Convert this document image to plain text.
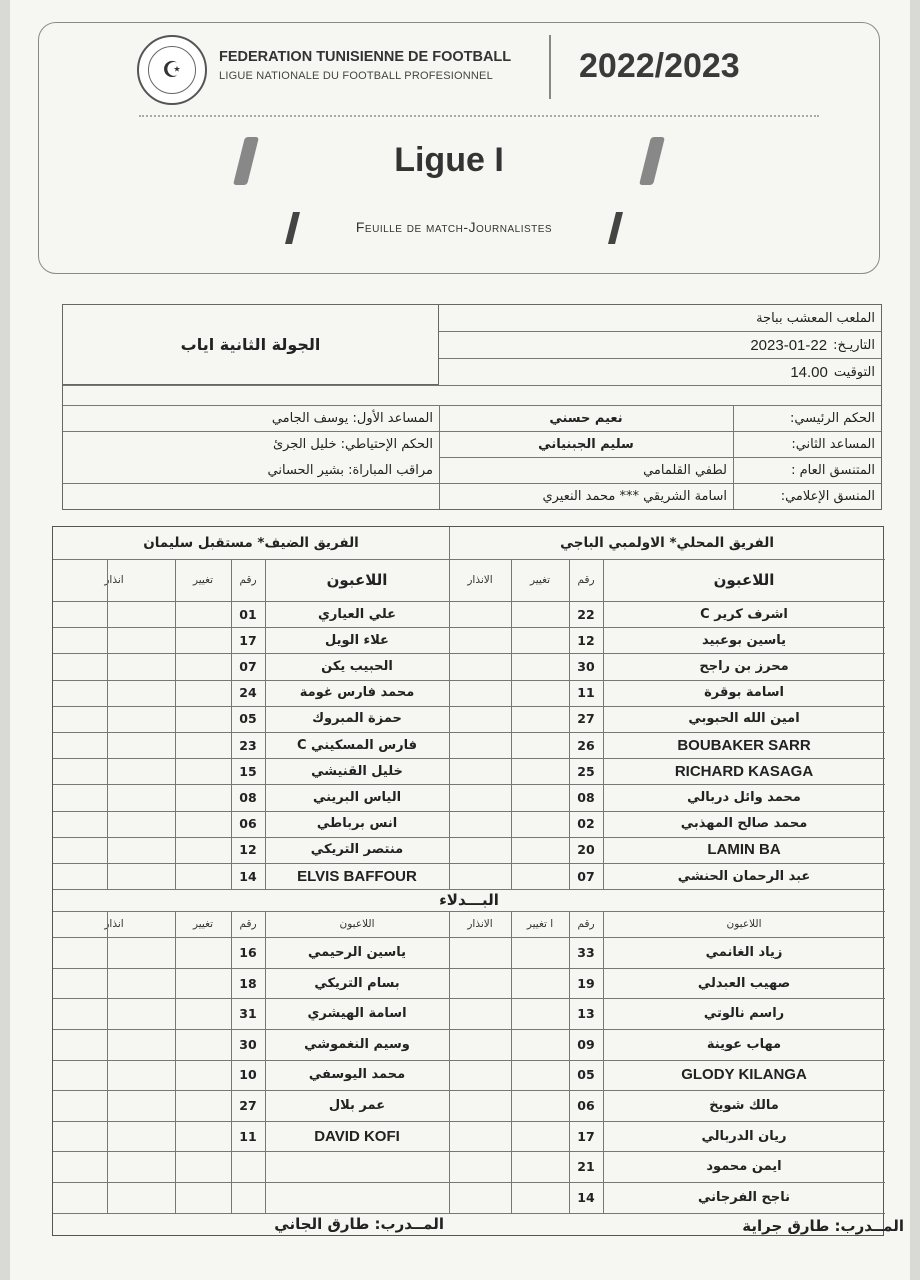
☪
FEDERATION TUNISIENNE DE FOOTBALL
LIGUE NATIONALE DU FOOTBALL PROFESIONNEL	2022/2023
Ligue I
Feuille de match-Journalistes
الجولة الثانية اياب
الملعب المعشب بباجة
التاريـخ:
2023-01-22
التوقيت
14.00
الحكم الرئيسي:
نعيم حسني
المساعد الثاني:
سليم الجبنياني
المتنسق العام :
لطفي القلمامي
المنسق الإعلامي:
اسامة الشريقي *** محمد النعيري
المساعد الأول: يوسف الجامي
الحكم الإحتياطي: خليل الجرئ
مراقب المباراة: بشير الحساني
الفريق المحلي* الاولمبي الباجي
الفريق الضيف* مستقبل سليمان
اللاعبون
رقم
تغيير
الانذار
اللاعبون
رقم
تغيير
انذار
اشرف كرير C
22
علي العياري
01
ياسين بوعبيد
12
علاء الويل
17
محرز بن راجح
30
الحبيب يكن
07
اسامة بوقرة
11
محمد فارس غومة
24
امين الله الحبوبي
27
حمزة المبروك
05
BOUBAKER SARR
26
فارس المسكيني C
23
RICHARD KASAGA
25
خليل القنيشي
15
محمد وائل دربالي
08
الياس البريني
08
محمد صالح المهذبي
02
انس برباطي
06
LAMIN BA
20
منتصر التريكي
12
عبد الرحمان الحنشي
07
ELVIS BAFFOUR
14
البـــدلاء
اللاعبون
رقم
ا تغيير
الانذار
اللاعبون
رقم
تغيير
انذار
زياد الغانمي
33
ياسين الرحيمي
16
صهيب العبدلي
19
بسام التريكي
18
راسم نالوتي
13
اسامة الهيشري
31
مهاب عوينة
09
وسيم النغموشي
30
GLODY KILANGA
05
محمد اليوسفي
10
مالك شويخ
06
عمر بلال
27
ريان الدربالي
17
DAVID KOFI
11
ايمن محمود
21
ناجح الفرجاني
14
المــدرب: طارق جراية
المــدرب: طارق الجاني
